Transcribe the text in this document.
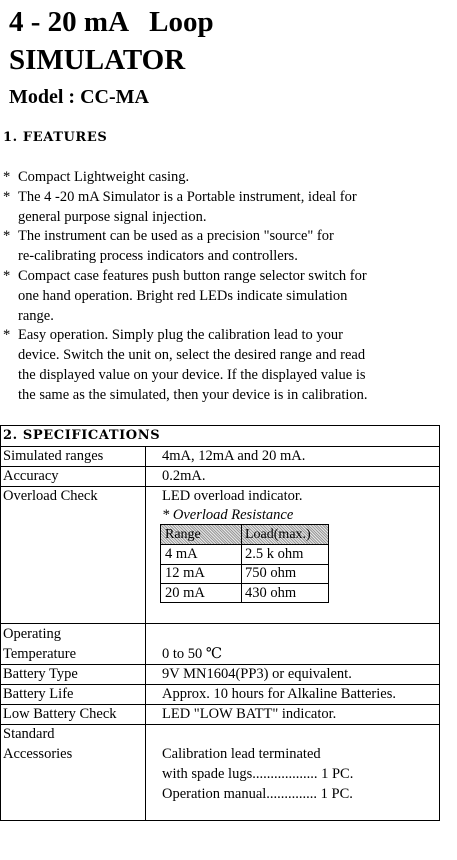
4 - 20 mA   Loop
SIMULATOR
Model : CC-MA
1. FEATURES
* Compact Lightweight casing.
* The 4 -20 mA Simulator is a Portable instrument, ideal for
general purpose signal injection.
* The instrument can be used as a precision "source" for
re-calibrating process indicators and controllers.
* Compact case features push button range selector switch for
one hand operation. Bright red LEDs indicate simulation
range.
* Easy operation. Simply plug the calibration lead to your
device. Switch the unit on, select the desired range and read
the displayed value on your device. If the displayed value is
the same as the simulated, then your device is in calibration.
2. SPECIFICATIONS
Simulated ranges	4mA, 12mA and 20 mA.
Accuracy	0.2mA.
Overload Check	LED overload indicator.
* Overload Resistance
Range	Load(max.)
4 mA	2.5 k ohm
12 mA	750 ohm
20 mA	430 ohm
Operating
Temperature	0 to 50 ℃
Battery Type	9V MN1604(PP3) or equivalent.
Battery Life	Approx. 10 hours for Alkaline Batteries.
Low Battery Check	LED "LOW BATT" indicator.
Standard
Accessories	Calibration lead terminated
with spade lugs.................. 1 PC.
Operation manual.............. 1 PC.
